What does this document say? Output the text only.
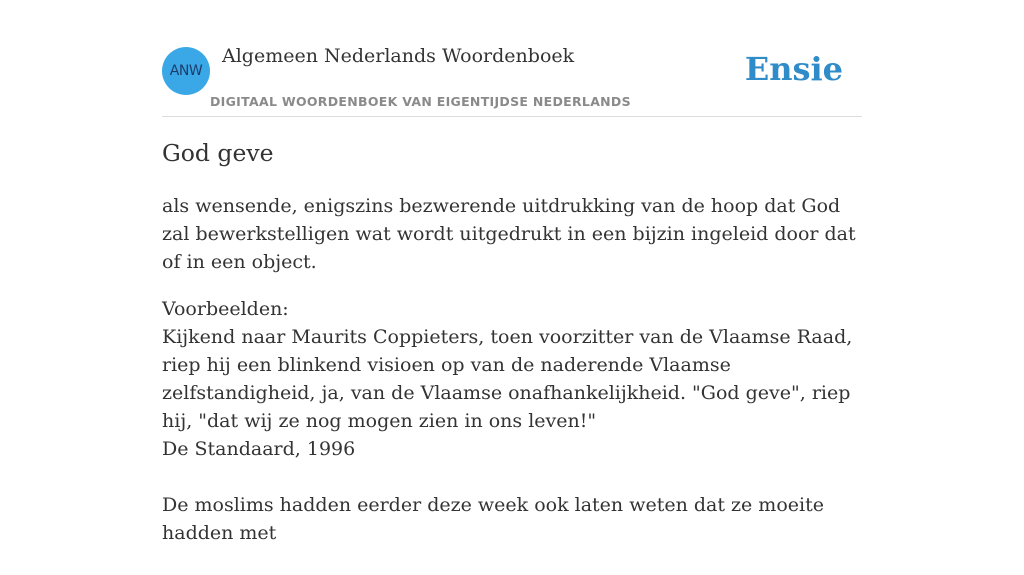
ANW
Algemeen Nederlands Woordenboek
DIGITAAL WOORDENBOEK VAN EIGENTIJDSE NEDERLANDS
Ensie
God geve

als wensende, enigszins bezwerende uitdrukking van de hoop dat God zal bewerkstelligen wat wordt uitgedrukt in een bijzin ingeleid door dat of in een object.

Voorbeelden:

Kijkend naar Maurits Coppieters, toen voorzitter van de Vlaamse Raad, riep hij een blinkend visioen op van de naderende Vlaamse zelfstandigheid, ja, van de Vlaamse onafhankelijkheid. "God geve", riep hij, "dat wij ze nog mogen zien in ons leven!"
De Standaard, 1996
De moslims hadden eerder deze week ook laten weten dat ze moeite hadden met
